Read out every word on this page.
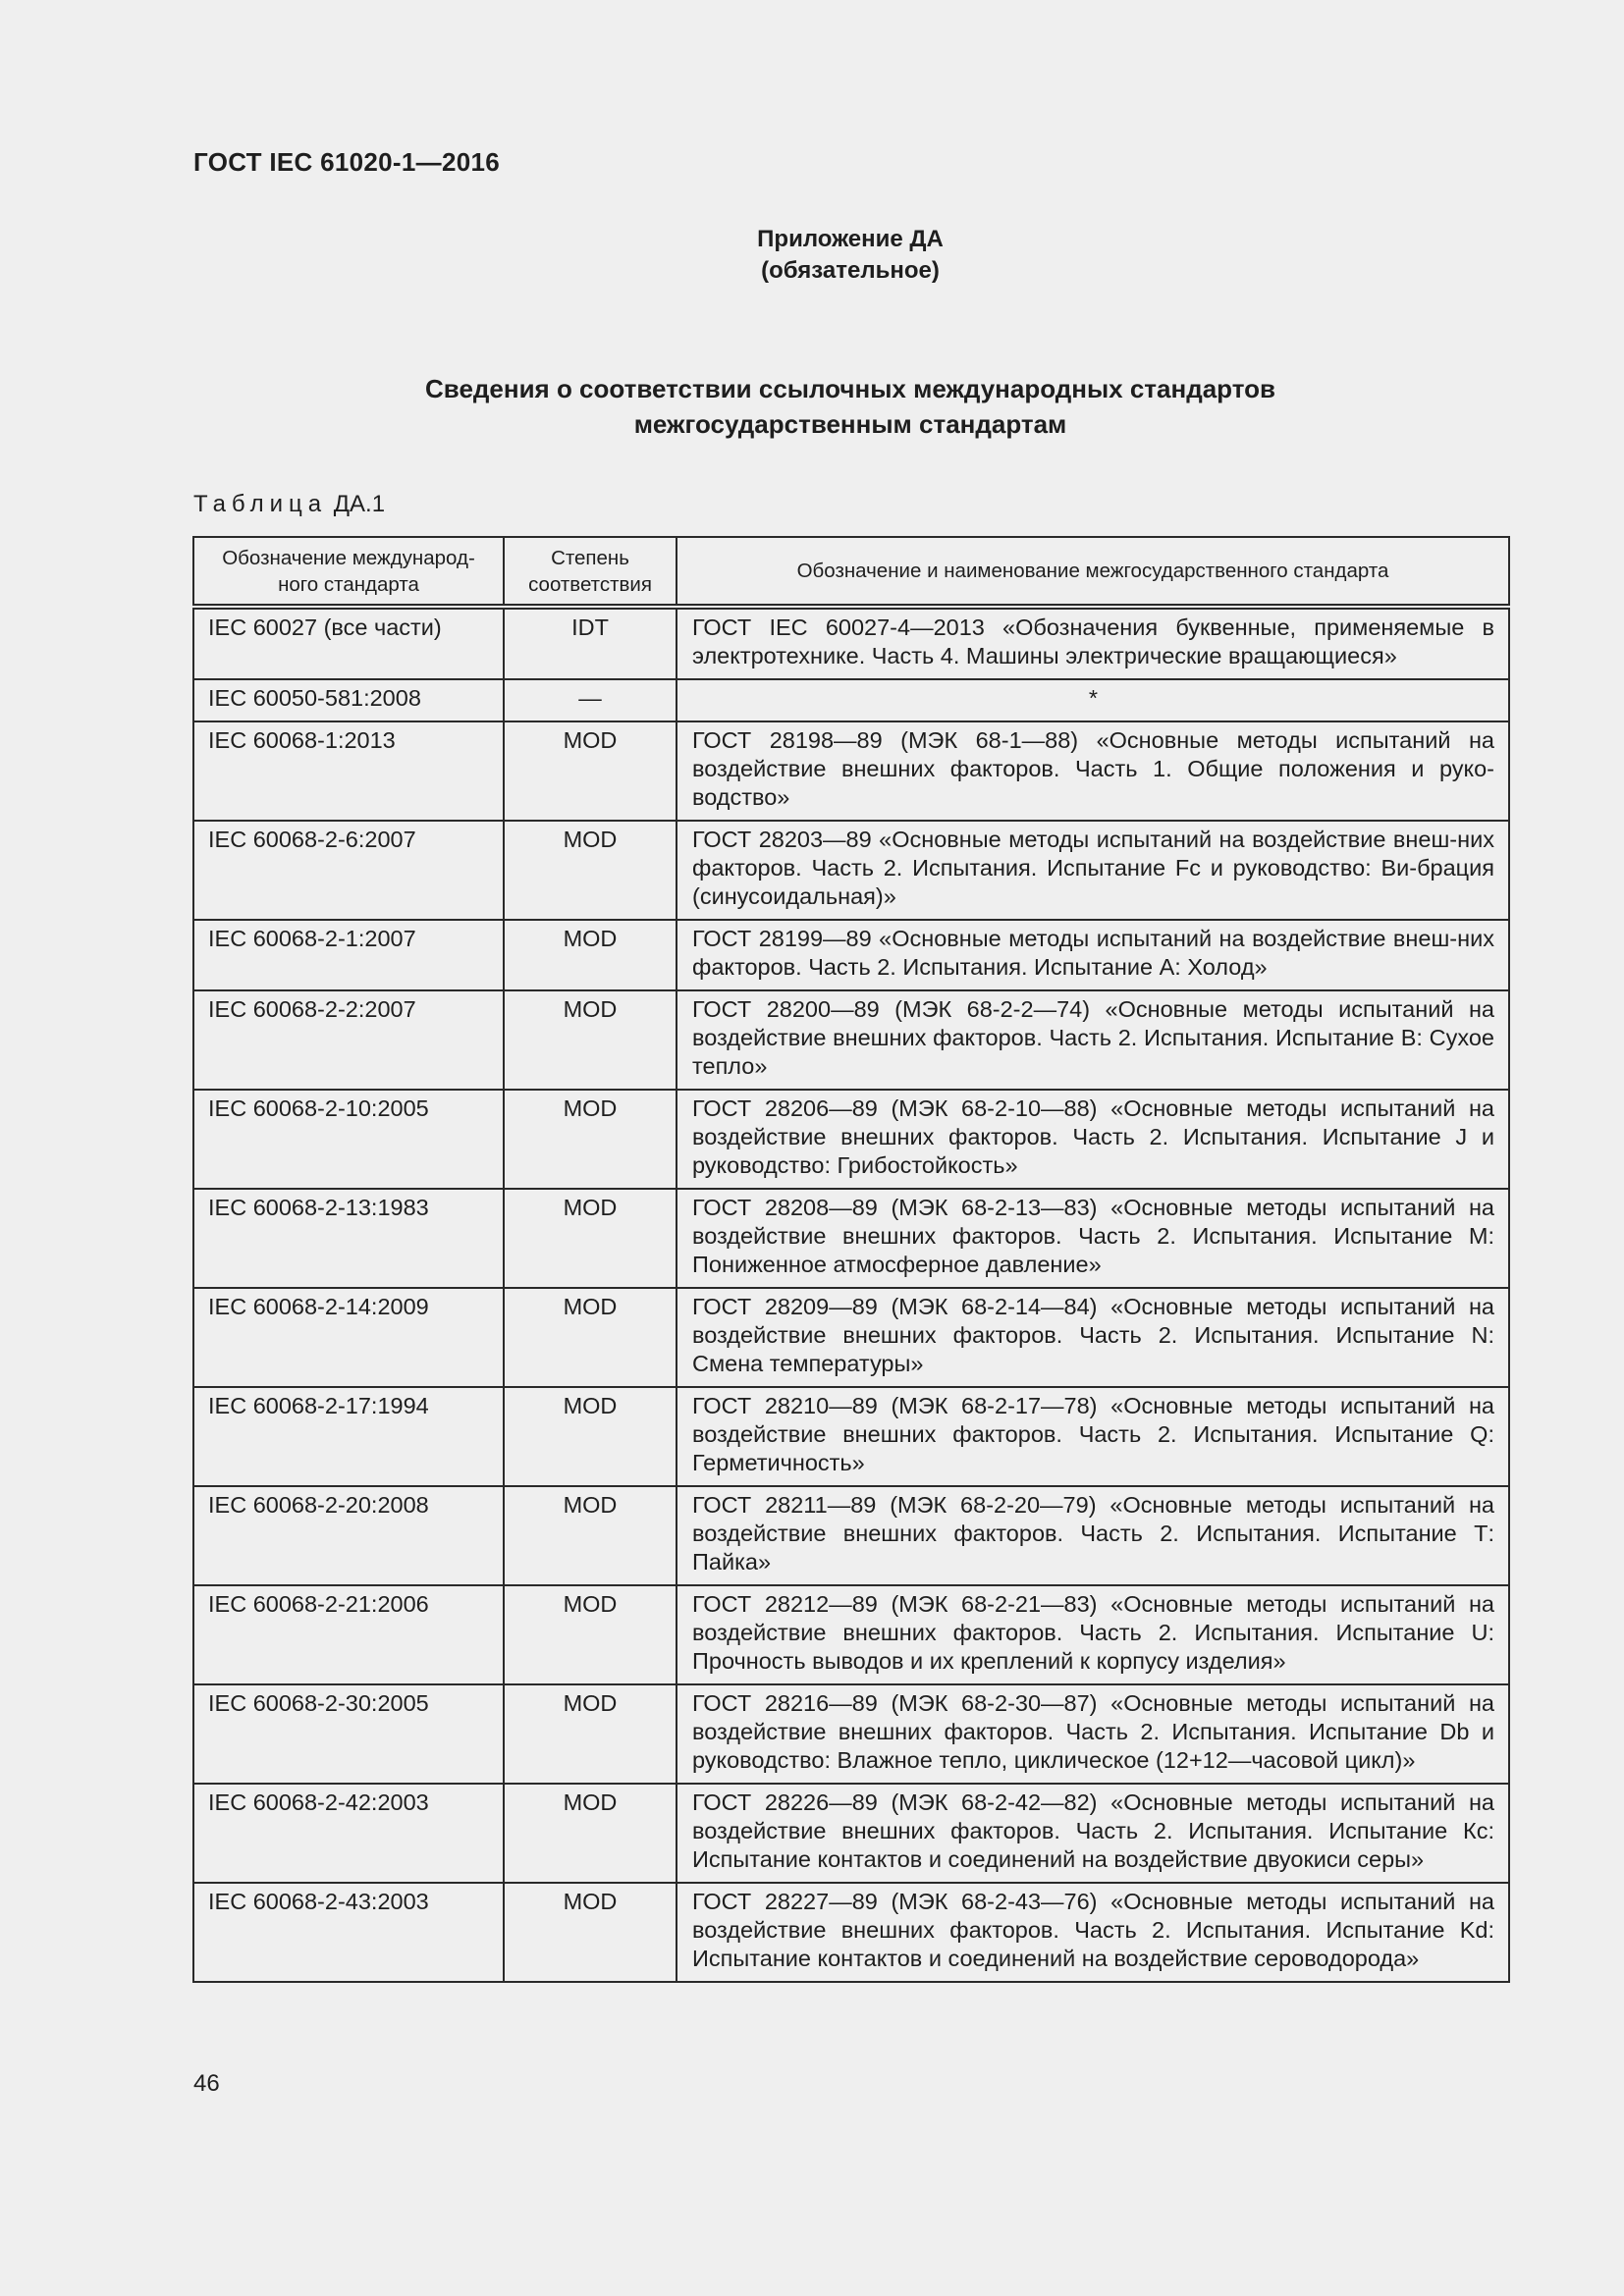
ГОСТ IEC 61020-1—2016
Приложение ДА
(обязательное)
Сведения о соответствии ссылочных международных стандартов
межгосударственным стандартам
Таблица ДА.1
Обозначение международ-ного стандарта	Степень соответствия	Обозначение и наименование межгосударственного стандарта
IEC 60027 (все части)	IDT	ГОСТ IEC 60027-4—2013 «Обозначения буквенные, применяемые в электротехнике. Часть 4. Машины электрические вращающиеся»
IEC 60050-581:2008	—	*
IEC 60068-1:2013	MOD	ГОСТ 28198—89 (МЭК 68-1—88) «Основные методы испытаний на воздействие внешних факторов. Часть 1. Общие положения и руко-водство»
IEC 60068-2-6:2007	MOD	ГОСТ 28203—89 «Основные методы испытаний на воздействие внеш-них факторов. Часть 2. Испытания. Испытание Fc и руководство: Ви-брация (синусоидальная)»
IEC 60068-2-1:2007	MOD	ГОСТ 28199—89 «Основные методы испытаний на воздействие внеш-них факторов. Часть 2. Испытания. Испытание А: Холод»
IEC 60068-2-2:2007	MOD	ГОСТ 28200—89 (МЭК 68-2-2—74) «Основные методы испытаний на воздействие внешних факторов. Часть 2. Испытания. Испытание В: Сухое тепло»
IEC 60068-2-10:2005	MOD	ГОСТ 28206—89 (МЭК 68-2-10—88) «Основные методы испытаний на воздействие внешних факторов. Часть 2. Испытания. Испытание J и руководство: Грибостойкость»
IEC 60068-2-13:1983	MOD	ГОСТ 28208—89 (МЭК 68-2-13—83) «Основные методы испытаний на воздействие внешних факторов. Часть 2. Испытания. Испытание М: Пониженное атмосферное давление»
IEC 60068-2-14:2009	MOD	ГОСТ 28209—89 (МЭК 68-2-14—84) «Основные методы испытаний на воздействие внешних факторов. Часть 2. Испытания. Испытание N: Смена температуры»
IEC 60068-2-17:1994	MOD	ГОСТ 28210—89 (МЭК 68-2-17—78) «Основные методы испытаний на воздействие внешних факторов. Часть 2. Испытания. Испытание Q: Герметичность»
IEC 60068-2-20:2008	MOD	ГОСТ 28211—89 (МЭК 68-2-20—79) «Основные методы испытаний на воздействие внешних факторов. Часть 2. Испытания. Испытание Т: Пайка»
IEC 60068-2-21:2006	MOD	ГОСТ 28212—89 (МЭК 68-2-21—83) «Основные методы испытаний на воздействие внешних факторов. Часть 2. Испытания. Испытание U: Прочность выводов и их креплений к корпусу изделия»
IEC 60068-2-30:2005	MOD	ГОСТ 28216—89 (МЭК 68-2-30—87) «Основные методы испытаний на воздействие внешних факторов. Часть 2. Испытания. Испытание Db и руководство: Влажное тепло, циклическое (12+12—часовой цикл)»
IEC 60068-2-42:2003	MOD	ГОСТ 28226—89 (МЭК 68-2-42—82) «Основные методы испытаний на воздействие внешних факторов. Часть 2. Испытания. Испытание Кс: Испытание контактов и соединений на воздействие двуокиси серы»
IEC 60068-2-43:2003	MOD	ГОСТ 28227—89 (МЭК 68-2-43—76) «Основные методы испытаний на воздействие внешних факторов. Часть 2. Испытания. Испытание Kd: Испытание контактов и соединений на воздействие сероводорода»
46
